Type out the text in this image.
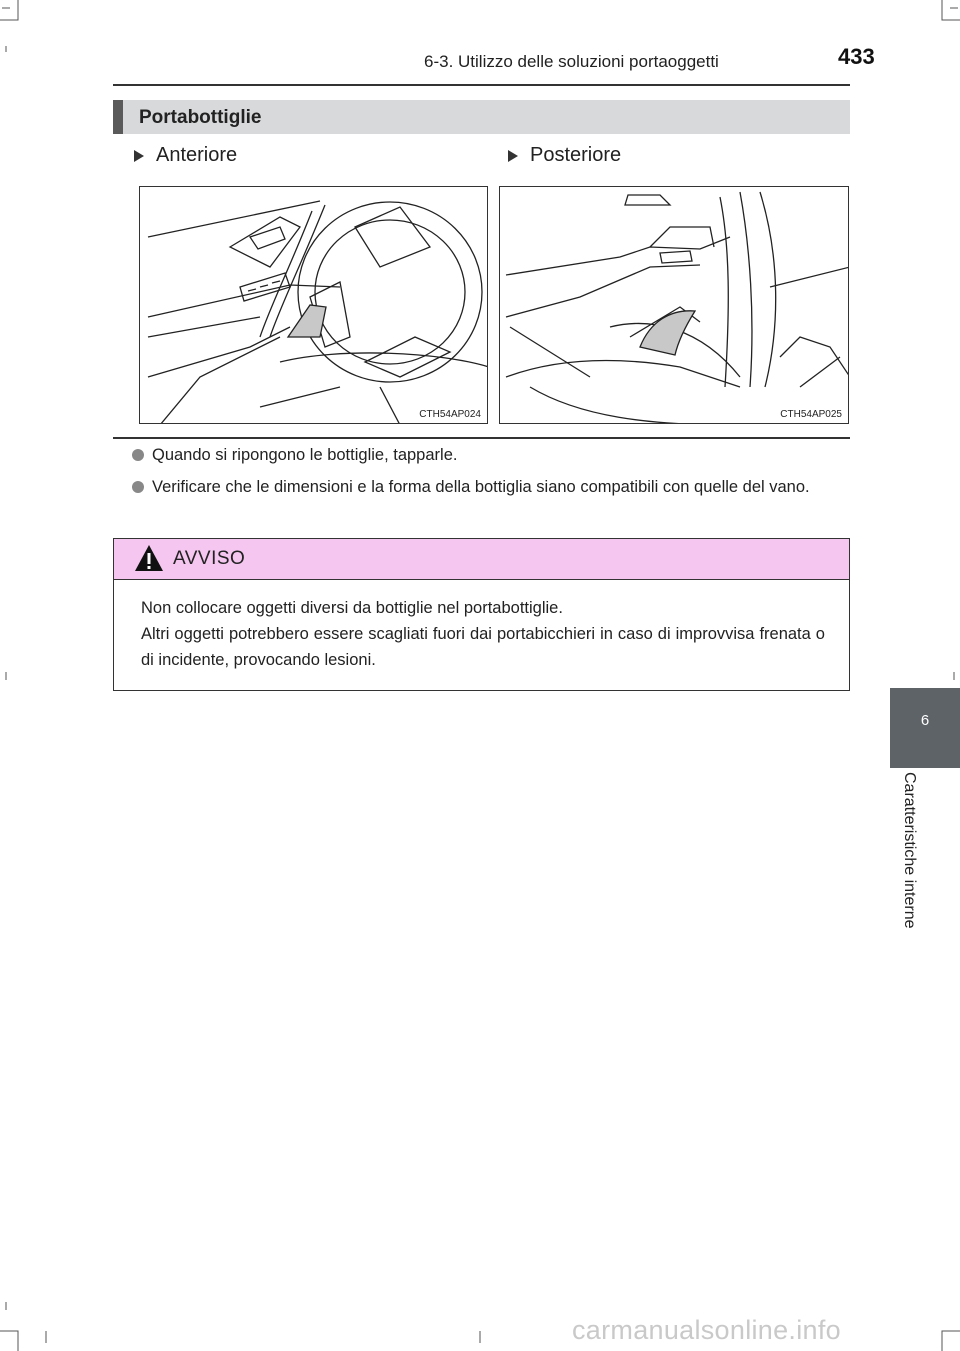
6-3. Utilizzo delle soluzioni portaoggetti	433
Portabottiglie
Anteriore	Posteriore
CTH54AP024	CTH54AP025
Quando si ripongono le bottiglie, tapparle.
Verificare che le dimensioni e la forma della bottiglia siano compatibili con quelle del vano.
AVVISO
Non collocare oggetti diversi da bottiglie nel portabottiglie.
Altri oggetti potrebbero essere scagliati fuori dai portabicchieri in caso di improvvisa frenata o di incidente, provocando lesioni.
6
Caratteristiche interne
carmanualsonline.info
